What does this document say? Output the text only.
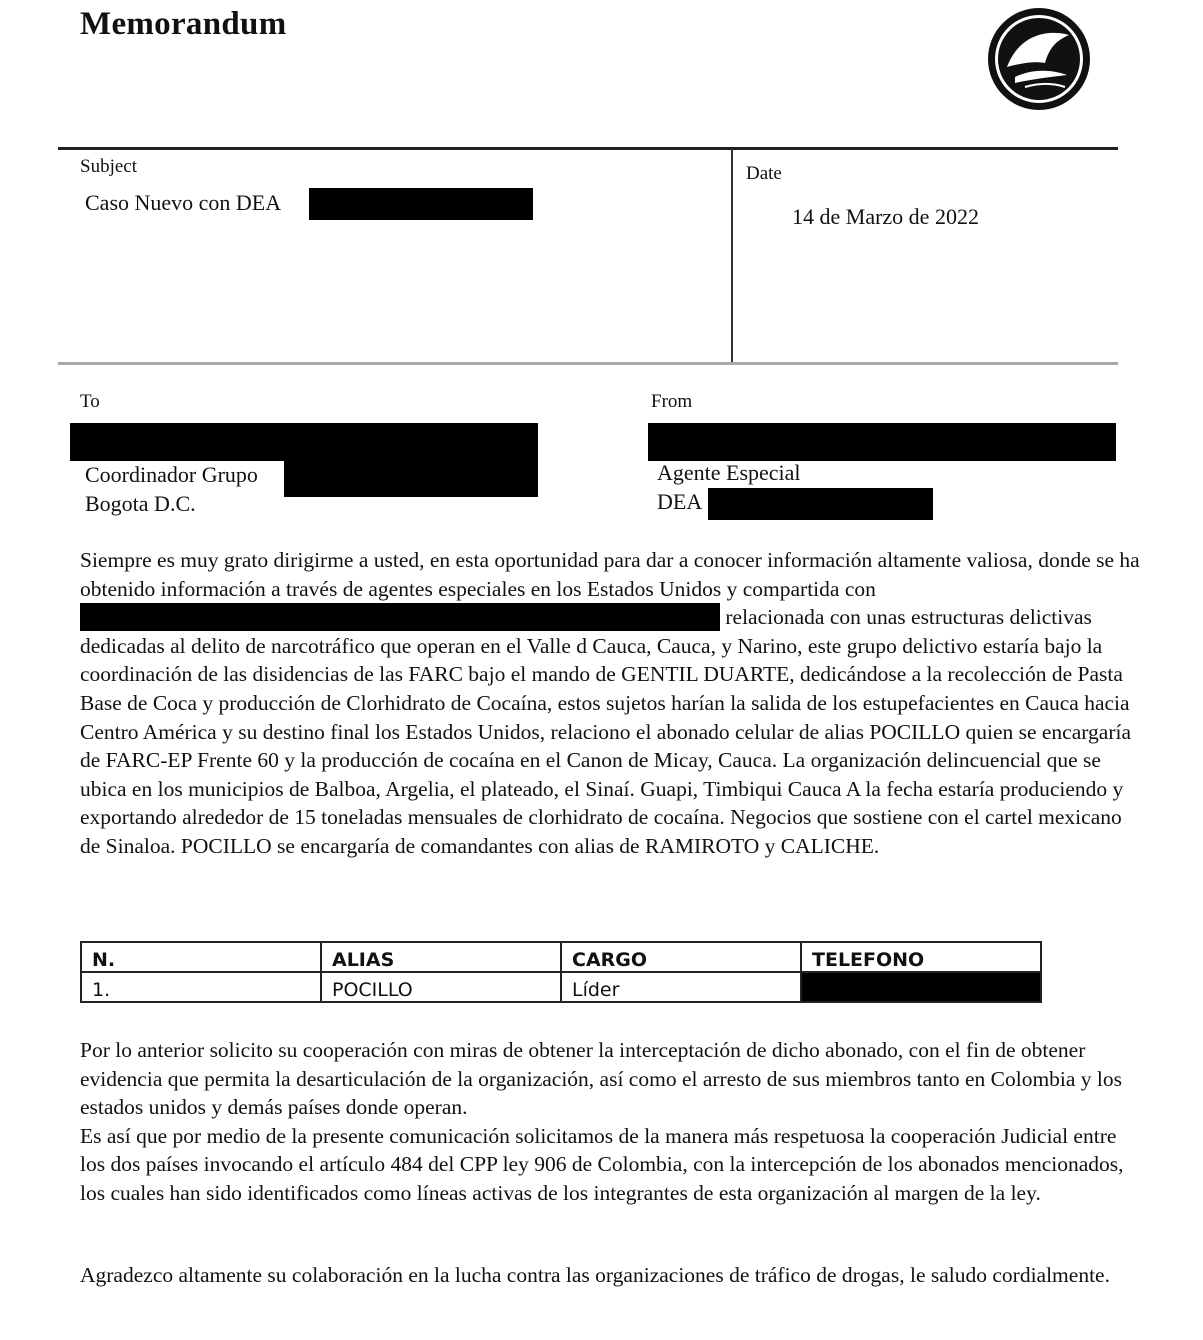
Memorandum
Subject
Caso Nuevo con DEA
Date
14 de Marzo de 2022
To
Coordinador Grupo
Bogota D.C.
From
Agente Especial
DEA

Siempre es muy grato dirigirme a usted, en esta oportunidad para dar a conocer información altamente valiosa, donde se ha obtenido información a través de agentes especiales en los Estados Unidos y compartida con  relacionada con unas estructuras delictivas dedicadas al delito de narcotráfico que operan en el Valle d Cauca, Cauca, y Narino, este grupo delictivo estaría bajo la coordinación de las disidencias de las FARC bajo el mando de GENTIL DUARTE, dedicándose a la recolección de Pasta Base de Coca y producción de Clorhidrato de Cocaína, estos sujetos harían la salida de los estupefacientes en Cauca hacia Centro América y su destino final los Estados Unidos, relaciono el abonado celular de alias POCILLO quien se encargaría de FARC-EP Frente 60 y la producción de cocaína en el Canon de Micay, Cauca. La organización delincuencial que se ubica en los municipios de Balboa, Argelia, el plateado, el Sinaí. Guapi, Timbiqui Cauca A la fecha estaría produciendo y exportando alrededor de 15 toneladas mensuales de clorhidrato de cocaína. Negocios que sostiene con el cartel mexicano de Sinaloa. POCILLO se encargaría de comandantes con alias de RAMIROTO y CALICHE.

N.	ALIAS	CARGO	TELEFONO
1.	POCILLO	Líder	

Por lo anterior solicito su cooperación con miras de obtener la interceptación de dicho abonado, con el fin de obtener evidencia que permita la desarticulación de la organización, así como el arresto de sus miembros tanto en Colombia y los estados unidos y demás países donde operan.

Es así que por medio de la presente comunicación solicitamos de la manera más respetuosa la cooperación Judicial entre los dos países invocando el artículo 484 del CPP ley 906 de Colombia, con la intercepción de los abonados mencionados, los cuales han sido identificados como líneas activas de los integrantes de esta organización al margen de la ley.

Agradezco altamente su colaboración en la lucha contra las organizaciones de tráfico de drogas, le saludo cordialmente.
